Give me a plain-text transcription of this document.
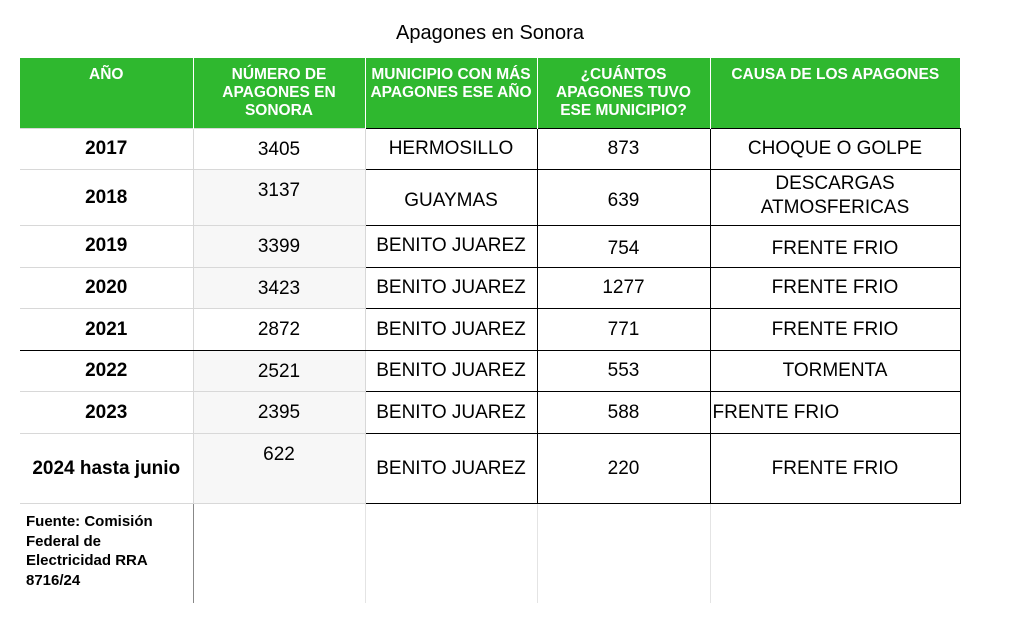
Apagones en Sonora
AÑO	NÚMERO DE APAGONES EN SONORA	MUNICIPIO CON MÁS APAGONES ESE AÑO	¿CUÁNTOS APAGONES TUVO ESE MUNICIPIO?	CAUSA DE LOS APAGONES
2017	3405	HERMOSILLO	873	CHOQUE O GOLPE
2018	3137	GUAYMAS	639	DESCARGAS ATMOSFERICAS
2019	3399	BENITO JUAREZ	754	FRENTE FRIO
2020	3423	BENITO JUAREZ	1277	FRENTE FRIO
2021	2872	BENITO JUAREZ	771	FRENTE FRIO
2022	2521	BENITO JUAREZ	553	TORMENTA
2023	2395	BENITO JUAREZ	588	FRENTE FRIO
2024 hasta junio	622	BENITO JUAREZ	220	FRENTE FRIO
Fuente: Comisión Federal de Electricidad RRA 8716/24				
